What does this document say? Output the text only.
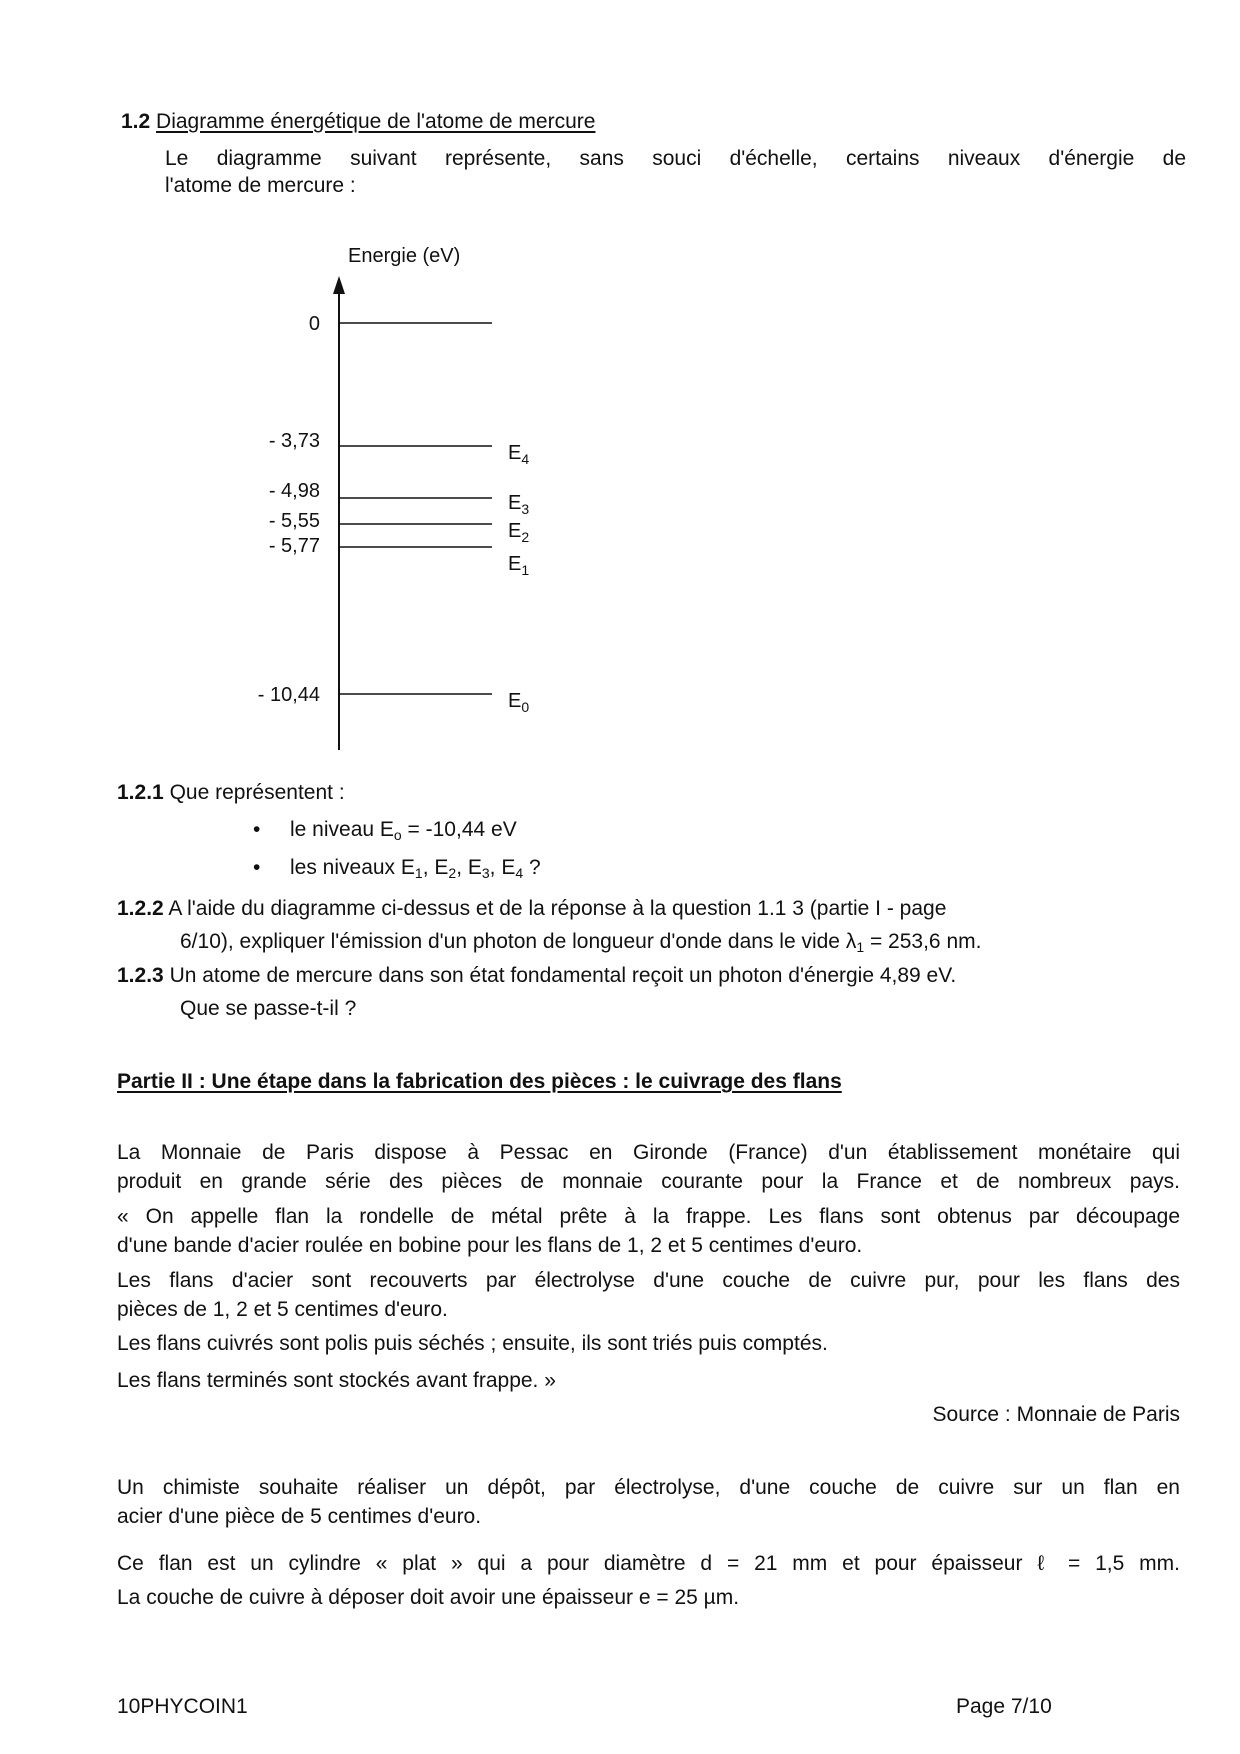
1.2 Diagramme énergétique de l'atome de mercure
Le diagramme suivant représente, sans souci d'échelle, certains niveaux d'énergie de
l'atome de mercure :
Energie (eV)
0
- 3,73
$E_4$
- 4,98
$E_3$
- 5,55	$E_2$
- 5,77
$E_1$
- 10,44	$E_0$
1.2.1 Que représentent :
• le niveau $E_o = -10,44$ eV
• les niveaux $E_1$, $E_2$, $E_3$, $E_4$ ?
1.2.2 A l'aide du diagramme ci-dessus et de la réponse à la question 1.1 3 (partie I - page
6/10), expliquer l'émission d'un photon de longueur d'onde dans le vide $\lambda_1 = 253,6$ nm.
1.2.3 Un atome de mercure dans son état fondamental reçoit un photon d'énergie 4,89 eV.
Que se passe-t-il ?
Partie II : Une étape dans la fabrication des pièces : le cuivrage des flans
La Monnaie de Paris dispose à Pessac en Gironde (France) d'un établissement monétaire qui
produit en grande série des pièces de monnaie courante pour la France et de nombreux pays.
« On appelle flan la rondelle de métal prête à la frappe. Les flans sont obtenus par découpage
d'une bande d'acier roulée en bobine pour les flans de 1, 2 et 5 centimes d'euro.
Les flans d'acier sont recouverts par électrolyse d'une couche de cuivre pur, pour les flans des
pièces de 1, 2 et 5 centimes d'euro.
Les flans cuivrés sont polis puis séchés ; ensuite, ils sont triés puis comptés.
Les flans terminés sont stockés avant frappe. »
Source : Monnaie de Paris
Un chimiste souhaite réaliser un dépôt, par électrolyse, d'une couche de cuivre sur un flan en
acier d'une pièce de 5 centimes d'euro.
Ce flan est un cylindre « plat » qui a pour diamètre d = 21 mm et pour épaisseur ℓ = 1,5 mm.
La couche de cuivre à déposer doit avoir une épaisseur e = 25 µm.
10PHYCOIN1	Page 7/10
